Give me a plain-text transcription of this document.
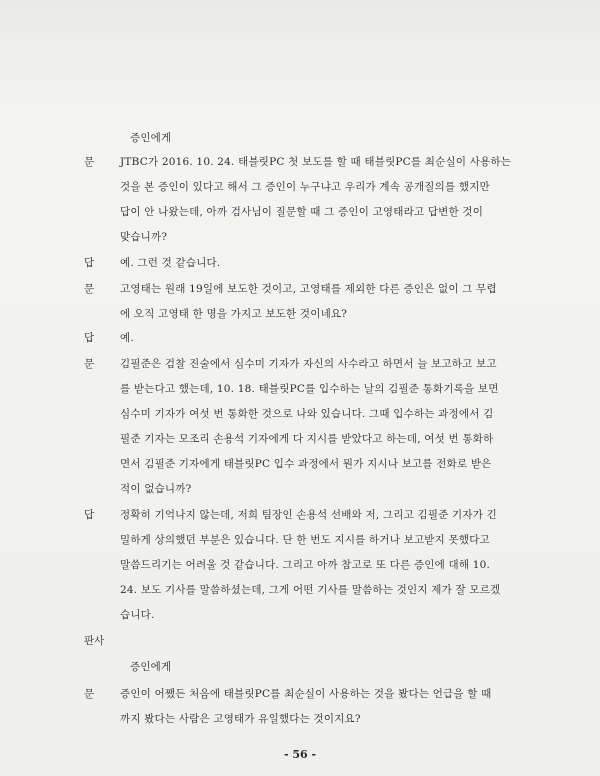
증인에게
문 JTBC가 2016. 10. 24. 태블릿PC 첫 보도를 할 때 태블릿PC를 최순실이 사용하는
것을 본 증인이 있다고 해서 그 증인이 누구냐고 우리가 계속 공개질의를 했지만
답이 안 나왔는데, 아까 검사님이 질문할 때 그 증인이 고영태라고 답변한 것이
맞습니까?
답 예. 그런 것 같습니다.
문 고영태는 원래 19일에 보도한 것이고, 고영태를 제외한 다른 증인은 없이 그 무렵
에 오직 고영태 한 명을 가지고 보도한 것이네요?
답 예.
문 김필준은 검찰 진술에서 심수미 기자가 자신의 사수라고 하면서 늘 보고하고 보고
를 받는다고 했는데, 10. 18. 태블릿PC를 입수하는 날의 김필준 통화기록을 보면
심수미 기자가 여섯 번 통화한 것으로 나와 있습니다. 그때 입수하는 과정에서 김
필준 기자는 모조리 손용석 기자에게 다 지시를 받았다고 하는데, 여섯 번 통화하
면서 김필준 기자에게 태블릿PC 입수 과정에서 뭔가 지시나 보고를 전화로 받은
적이 없습니까?
답 정확히 기억나지 않는데, 저희 팀장인 손용석 선배와 저, 그리고 김필준 기자가 긴
밀하게 상의했던 부분은 있습니다. 단 한 번도 지시를 하거나 보고받지 못했다고
말씀드리기는 어려울 것 같습니다. 그리고 아까 참고로 또 다른 증인에 대해 10.
24. 보도 기사를 말씀하셨는데, 그게 어떤 기사를 말씀하는 것인지 제가 잘 모르겠
습니다.
판사
증인에게
문 증인이 어쨌든 처음에 태블릿PC를 최순실이 사용하는 것을 봤다는 언급을 할 때
까지 봤다는 사람은 고영태가 유일했다는 것이지요?
- 56 -
